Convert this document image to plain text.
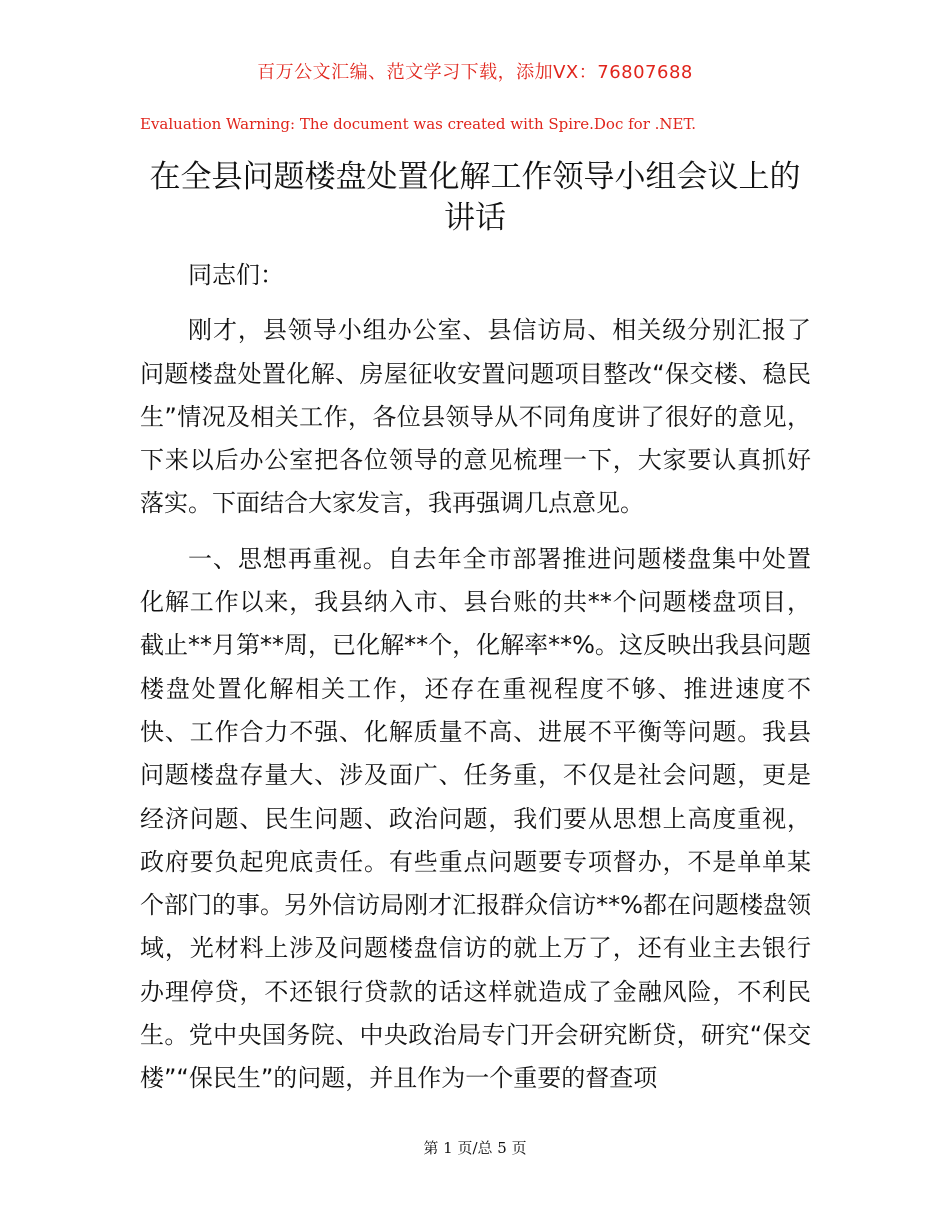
百万公文汇编、范文学习下载，添加VX：76807688
Evaluation Warning: The document was created with Spire.Doc for .NET.
在全县问题楼盘处置化解工作领导小组会议上的讲话

同志们：

刚才，县领导小组办公室、县信访局、相关级分别汇报了问题楼盘处置化解、房屋征收安置问题项目整改“保交楼、稳民生”情况及相关工作，各位县领导从不同角度讲了很好的意见，下来以后办公室把各位领导的意见梳理一下，大家要认真抓好落实。下面结合大家发言，我再强调几点意见。

一、思想再重视。自去年全市部署推进问题楼盘集中处置化解工作以来，我县纳入市、县台账的共**个问题楼盘项目，截止**月第**周，已化解**个，化解率**%。这反映出我县问题楼盘处置化解相关工作，还存在重视程度不够、推进速度不快、工作合力不强、化解质量不高、进展不平衡等问题。我县问题楼盘存量大、涉及面广、任务重，不仅是社会问题，更是经济问题、民生问题、政治问题，我们要从思想上高度重视，政府要负起兜底责任。有些重点问题要专项督办，不是单单某个部门的事。另外信访局刚才汇报群众信访**%都在问题楼盘领域，光材料上涉及问题楼盘信访的就上万了，还有业主去银行办理停贷，不还银行贷款的话这样就造成了金融风险，不利民生。党中央国务院、中央政治局专门开会研究断贷，研究“保交楼”“保民生”的问题，并且作为一个重要的督查项

第 1 页/总 5 页
